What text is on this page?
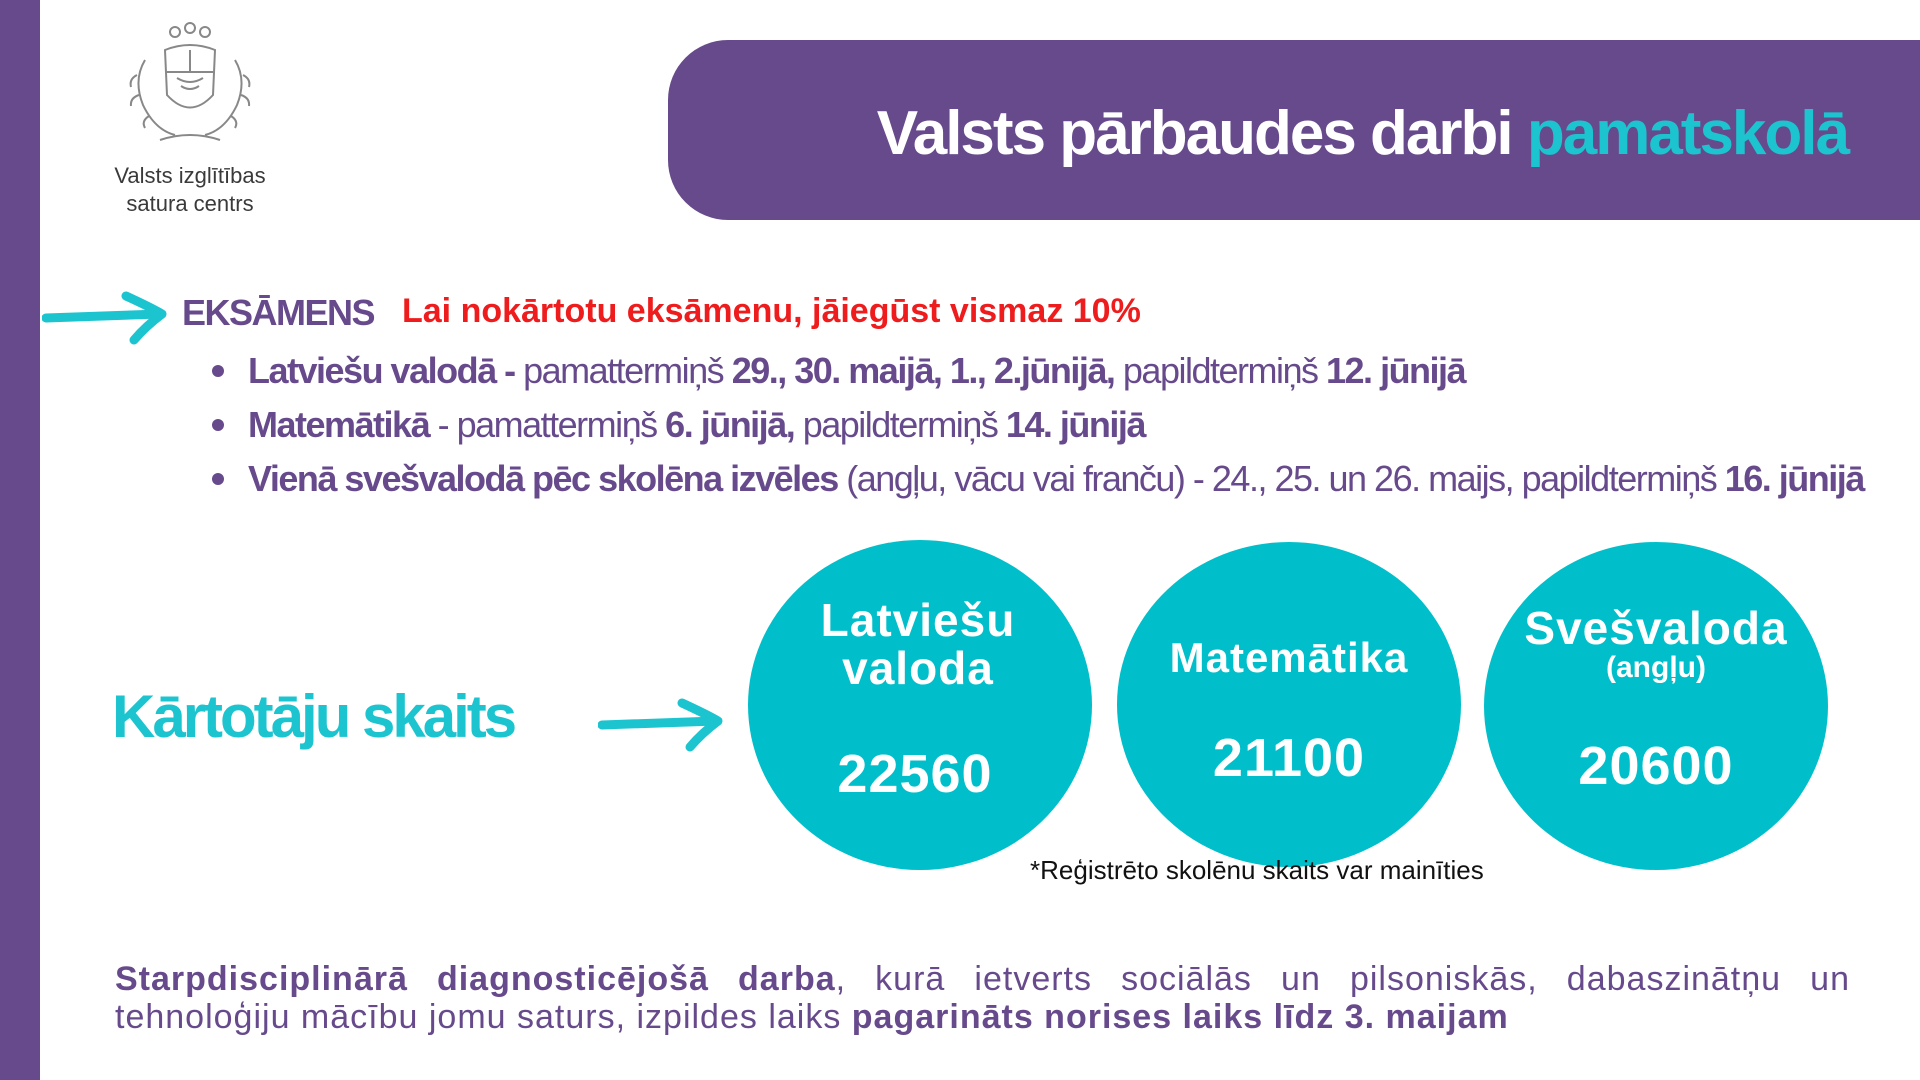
Valsts izglītības
satura centrs
Valsts pārbaudes darbi pamatskolā
EKSĀMENS Lai nokārtotu eksāmenu, jāiegūst vismaz 10%
Latviešu valodā - pamattermiņš 29., 30. maijā, 1., 2.jūnijā, papildtermiņš 12. jūnijā
Matemātikā - pamattermiņš 6. jūnijā, papildtermiņš 14. jūnijā
Vienā svešvalodā pēc skolēna izvēles (angļu, vācu vai franču) - 24., 25. un 26. maijs, papildtermiņš 16. jūnijā
Kārtotāju skaits
Latviešu valoda
22560
Matemātika
21100
Svešvaloda
(angļu)
20600
*Reģistrēto skolēnu skaits var mainīties
Starpdisciplinārā diagnosticējošā darba, kurā ietverts sociālās un pilsoniskās, dabaszinātņu un tehnoloģiju mācību jomu saturs, izpildes laiks pagarināts norises laiks līdz 3. maijam
